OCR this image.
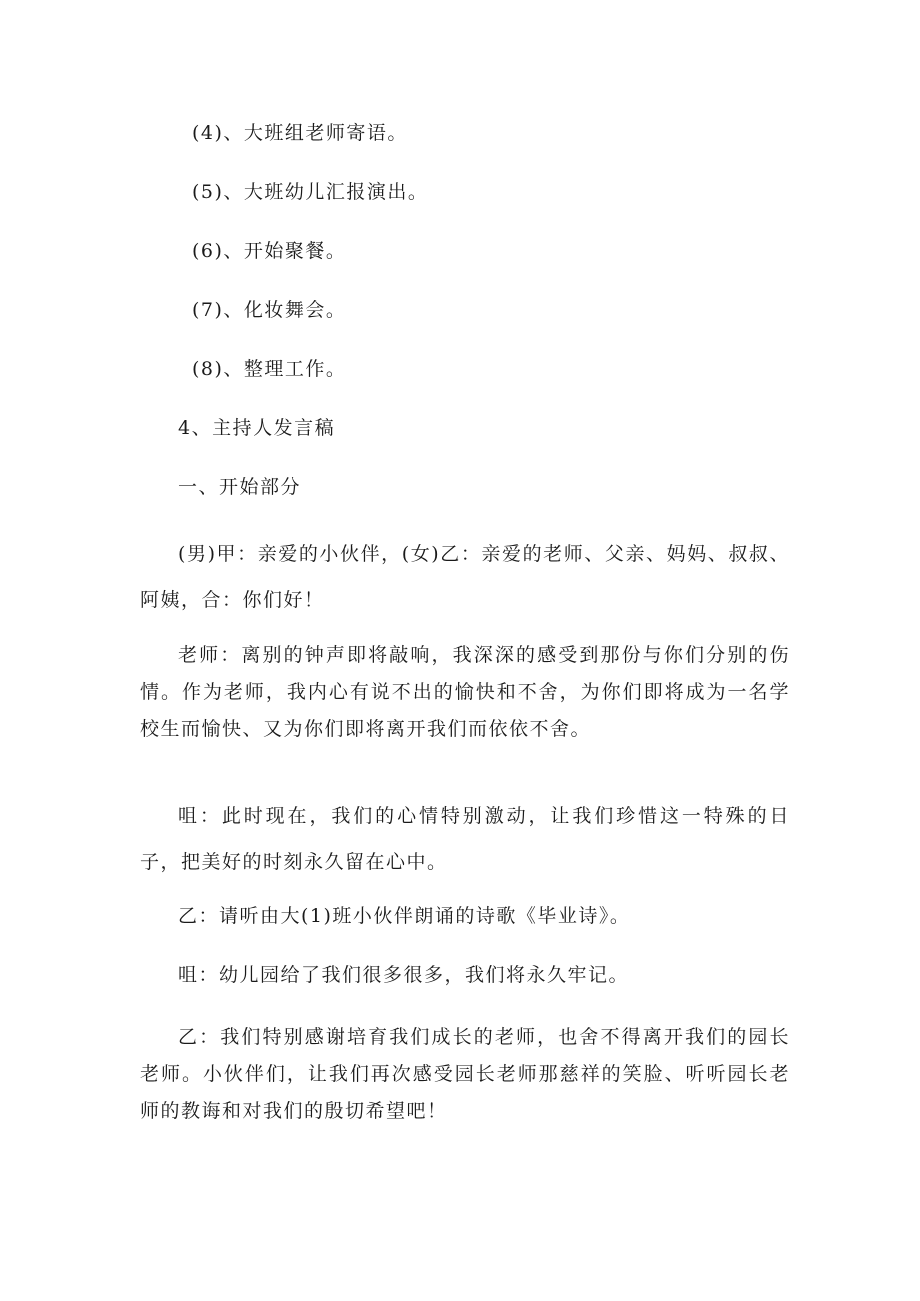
(4)、大班组老师寄语。
(5)、大班幼儿汇报演出。
(6)、开始聚餐。
(7)、化妆舞会。
(8)、整理工作。
4、主持人发言稿
一、开始部分
(男)甲：亲爱的小伙伴，(女)乙：亲爱的老师、父亲、妈妈、叔叔、阿姨，合：你们好！
老师：离别的钟声即将敲响，我深深的感受到那份与你们分别的伤情。作为老师，我内心有说不出的愉快和不舍，为你们即将成为一名学校生而愉快、又为你们即将离开我们而依依不舍。
咀：此时现在，我们的心情特别激动，让我们珍惜这一特殊的日子，把美好的时刻永久留在心中。
乙：请听由大(1)班小伙伴朗诵的诗歌《毕业诗》。
咀：幼儿园给了我们很多很多，我们将永久牢记。
乙：我们特别感谢培育我们成长的老师，也舍不得离开我们的园长老师。小伙伴们，让我们再次感受园长老师那慈祥的笑脸、听听园长老师的教诲和对我们的殷切希望吧！
